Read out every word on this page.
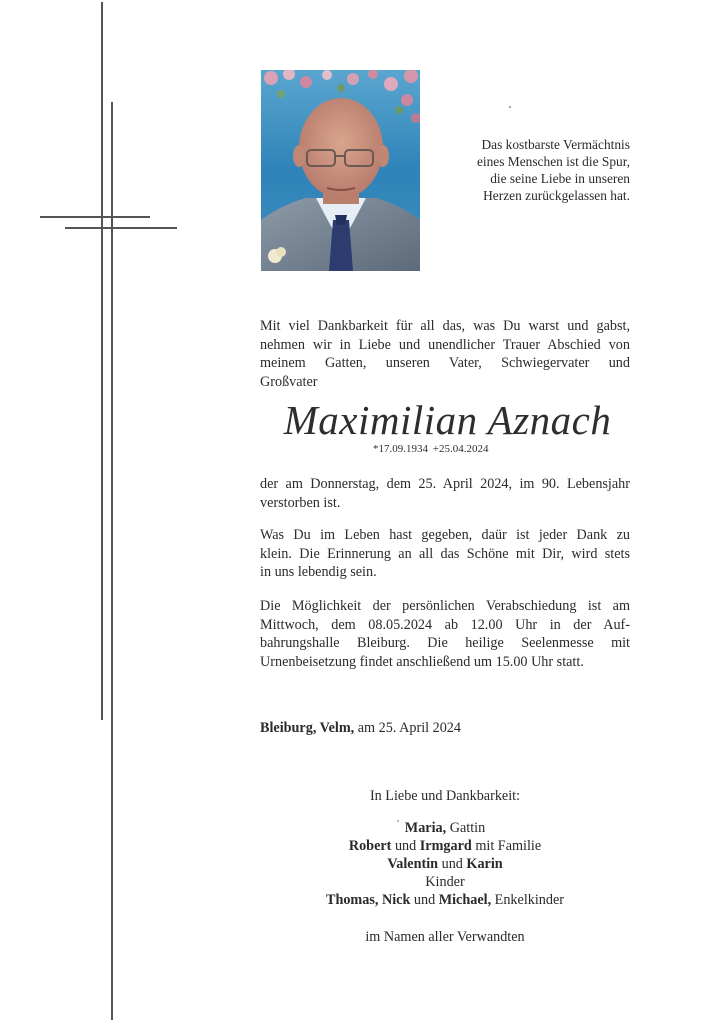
Das kostbarste Vermächtnis
eines Menschen ist die Spur,
die seine Liebe in unseren
Herzen zurückgelassen hat.
Mit viel Dankbarkeit für all das, was Du warst und gabst,
nehmen wir in Liebe und unendlicher Trauer Abschied von
meinem Gatten, unseren Vater, Schwiegervater und
Großvater
Maximilian Aznach
*17.09.1934 +25.04.2024
der am Donnerstag, dem 25. April 2024, im 90. Lebensjahr
verstorben ist.
Was Du im Leben hast gegeben, daür ist jeder Dank zu
klein. Die Erinnerung an all das Schöne mit Dir, wird stets
in uns lebendig sein.
Die Möglichkeit der persönlichen Verabschiedung ist am
Mittwoch, dem 08.05.2024 ab 12.00 Uhr in der Auf-
bahrungshalle Bleiburg. Die heilige Seelenmesse mit
Urnenbeisetzung findet anschließend um 15.00 Uhr statt.
Bleiburg, Velm, am 25. April 2024
In Liebe und Dankbarkeit:
Maria, Gattin
Robert und Irmgard mit Familie
Valentin und Karin
Kinder
Thomas, Nick und Michael, Enkelkinder
im Namen aller Verwandten
